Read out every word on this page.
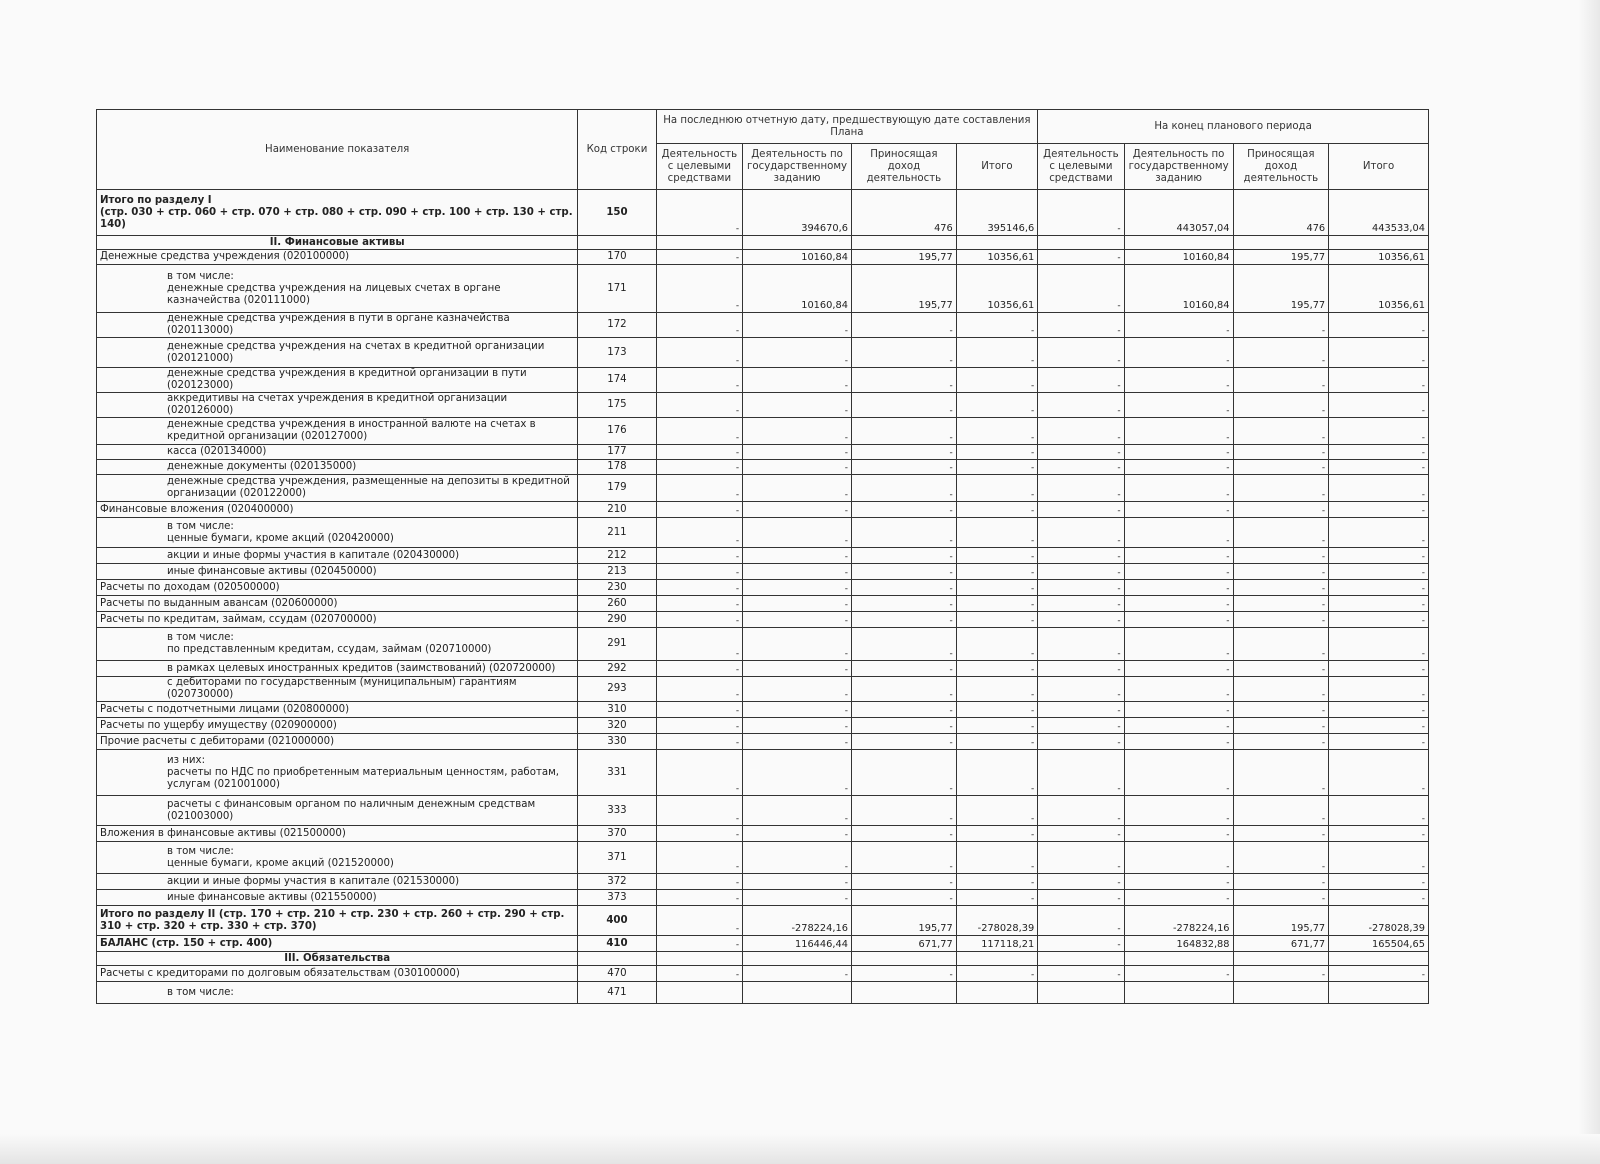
Наименование показателя	Код строки	На последнюю отчетную дату, предшествующую дате составления Плана				На конец планового периода			
		Деятельность с целевыми средствами	Деятельность по государственному заданию	Приносящая доход деятельность	Итого	Деятельность с целевыми средствами	Деятельность по государственному заданию	Приносящая доход деятельность	Итого

Итого по разделу I
(стр. 030 + стр. 060 + стр. 070 + стр. 080 + стр. 090 + стр. 100 + стр. 130 + стр. 140)	150	-	394670,6	476	395146,6	-	443057,04	476	443533,04
II. Финансовые активы									

Денежные средства учреждения (020100000)	170	-	10160,84	195,77	10356,61	-	10160,84	195,77	10356,61

в том числе:
денежные средства учреждения на лицевых счетах в органе казначейства (020111000)	171	-	10160,84	195,77	10356,61	-	10160,84	195,77	10356,61

денежные средства учреждения в пути в органе казначейства (020113000)	172	-	-	-	-	-	-	-	-

денежные средства учреждения на счетах в кредитной организации (020121000)	173	-	-	-	-	-	-	-	-

денежные средства учреждения в кредитной организации в пути (020123000)	174	-	-	-	-	-	-	-	-

аккредитивы на счетах учреждения в кредитной организации (020126000)	175	-	-	-	-	-	-	-	-

денежные средства учреждения в иностранной валюте на счетах в кредитной организации (020127000)	176	-	-	-	-	-	-	-	-

касса (020134000)	177	-	-	-	-	-	-	-	-

денежные документы (020135000)	178	-	-	-	-	-	-	-	-

денежные средства учреждения, размещенные на депозиты в кредитной организации (020122000)	179	-	-	-	-	-	-	-	-

Финансовые вложения (020400000)	210	-	-	-	-	-	-	-	-

в том числе:
ценные бумаги, кроме акций (020420000)	211	-	-	-	-	-	-	-	-

акции и иные формы участия в капитале (020430000)	212	-	-	-	-	-	-	-	-

иные финансовые активы (020450000)	213	-	-	-	-	-	-	-	-

Расчеты по доходам (020500000)	230	-	-	-	-	-	-	-	-

Расчеты по выданным авансам (020600000)	260	-	-	-	-	-	-	-	-

Расчеты по кредитам, займам, ссудам (020700000)	290	-	-	-	-	-	-	-	-

в том числе:
по представленным кредитам, ссудам, займам (020710000)	291	-	-	-	-	-	-	-	-

в рамках целевых иностранных кредитов (заимствований) (020720000)	292	-	-	-	-	-	-	-	-

с дебиторами по государственным (муниципальным) гарантиям (020730000)	293	-	-	-	-	-	-	-	-

Расчеты с подотчетными лицами (020800000)	310	-	-	-	-	-	-	-	-

Расчеты по ущербу имуществу (020900000)	320	-	-	-	-	-	-	-	-

Прочие расчеты с дебиторами (021000000)	330	-	-	-	-	-	-	-	-

из них:
расчеты по НДС по приобретенным материальным ценностям, работам, услугам (021001000)	331	-	-	-	-	-	-	-	-

расчеты с финансовым органом по наличным денежным средствам (021003000)	333	-	-	-	-	-	-	-	-

Вложения в финансовые активы (021500000)	370	-	-	-	-	-	-	-	-

в том числе:
ценные бумаги, кроме акций (021520000)	371	-	-	-	-	-	-	-	-

акции и иные формы участия в капитале (021530000)	372	-	-	-	-	-	-	-	-

иные финансовые активы (021550000)	373	-	-	-	-	-	-	-	-

Итого по разделу II (стр. 170 + стр. 210 + стр. 230 + стр. 260 + стр. 290 + стр. 310 + стр. 320 + стр. 330 + стр. 370)	400	-	-278224,16	195,77	-278028,39	-	-278224,16	195,77	-278028,39

БАЛАНС (стр. 150 + стр. 400)	410	-	116446,44	671,77	117118,21	-	164832,88	671,77	165504,65
III. Обязательства									

Расчеты с кредиторами по долговым обязательствам (030100000)	470	-	-	-	-	-	-	-	-

в том числе:	471								
